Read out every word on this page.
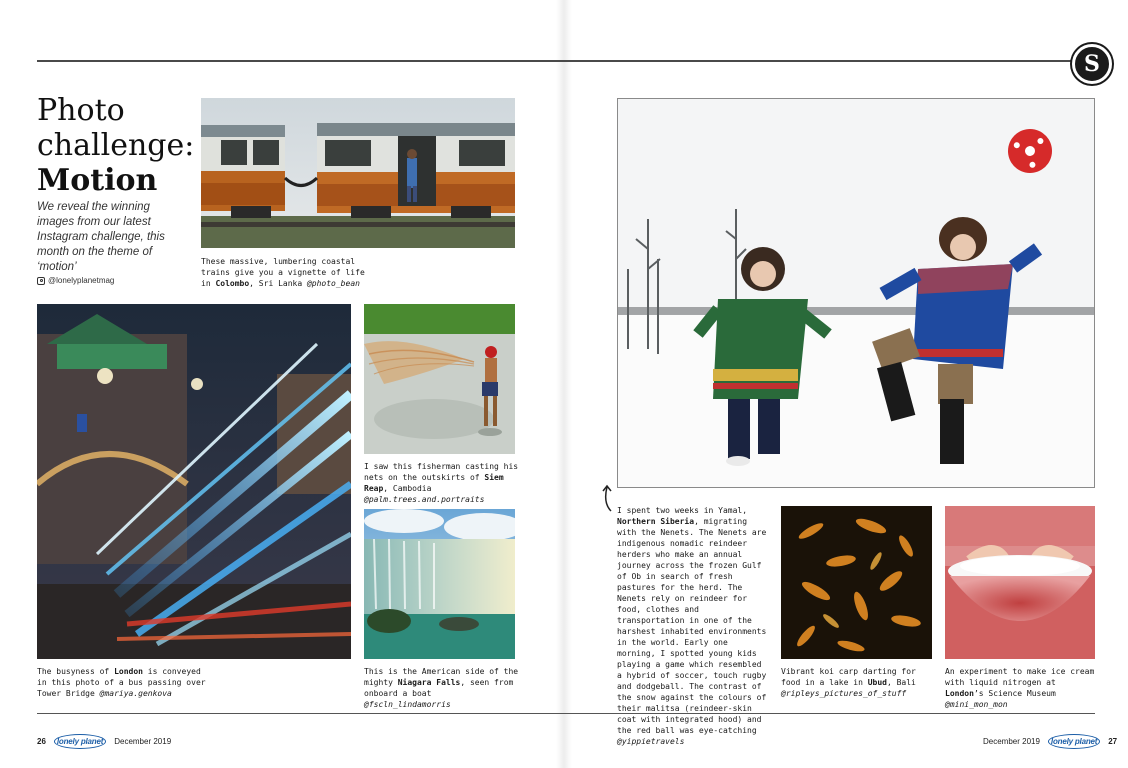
S
Photo
challenge:
Motion
We reveal the winning images from our latest Instagram challenge, this month on the theme of ‘motion’
@lonelyplanetmag
These massive, lumbering coastal trains give you a vignette of life in Colombo, Sri Lanka @photo_bean
The busyness of London is conveyed in this photo of a bus passing over Tower Bridge @mariya.genkova
I saw this fisherman casting his nets on the outskirts of Siem Reap, Cambodia @palm.trees.and.portraits
This is the American side of the mighty Niagara Falls, seen from onboard a boat @fscln_lindamorris
I spent two weeks in Yamal, Northern Siberia, migrating with the Nenets. The Nenets are indigenous nomadic reindeer herders who make an annual journey across the frozen Gulf of Ob in search of fresh pastures for the herd. The Nenets rely on reindeer for food, clothes and transportation in one of the harshest inhabited environments in the world. Early one morning, I spotted young kids playing a game which resembled a hybrid of soccer, touch rugby and dodgeball. The contrast of the snow against the colours of their malitsa (reindeer-skin coat with integrated hood) and the red ball was eye-catching @yippietravels
Vibrant koi carp darting for food in a lake in Ubud, Bali @ripleys_pictures_of_stuff
An experiment to make ice cream with liquid nitrogen at London’s Science Museum @mini_mon_mon
26	lonely planet	December 2019	December 2019	lonely planet	27
